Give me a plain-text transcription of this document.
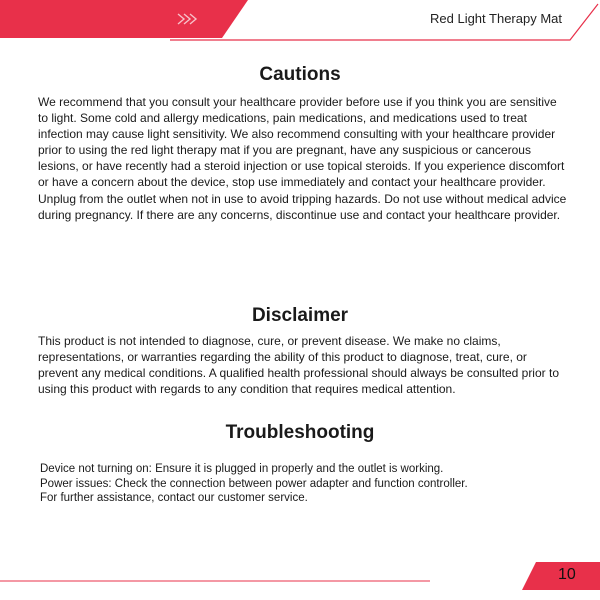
Red Light Therapy Mat
Cautions

We recommend that you consult your healthcare provider before use if you think you are sensitive to light. Some cold and allergy medications, pain medications, and medications used to treat infection may cause light sensitivity. We also recommend consulting with your healthcare provider prior to using the red light therapy mat if you are pregnant, have any suspicious or cancerous lesions, or have recently had a steroid injection or use topical steroids. If you experience discomfort or have a concern about the device, stop use immediately and contact your healthcare provider. Unplug from the outlet when not in use to avoid tripping hazards. Do not use without medical advice during pregnancy. If there are any concerns, discontinue use and contact your healthcare provider.

Disclaimer

This product is not intended to diagnose, cure, or prevent disease. We make no claims, representations, or warranties regarding the ability of this product to diagnose, treat, cure, or prevent any medical conditions. A qualified health professional should always be consulted prior to using this product with regards to any condition that requires medical attention.

Troubleshooting
Device not turning on: Ensure it is plugged in properly and the outlet is working.
Power issues: Check the connection between power adapter and function controller.
For further assistance, contact our customer service.
10
